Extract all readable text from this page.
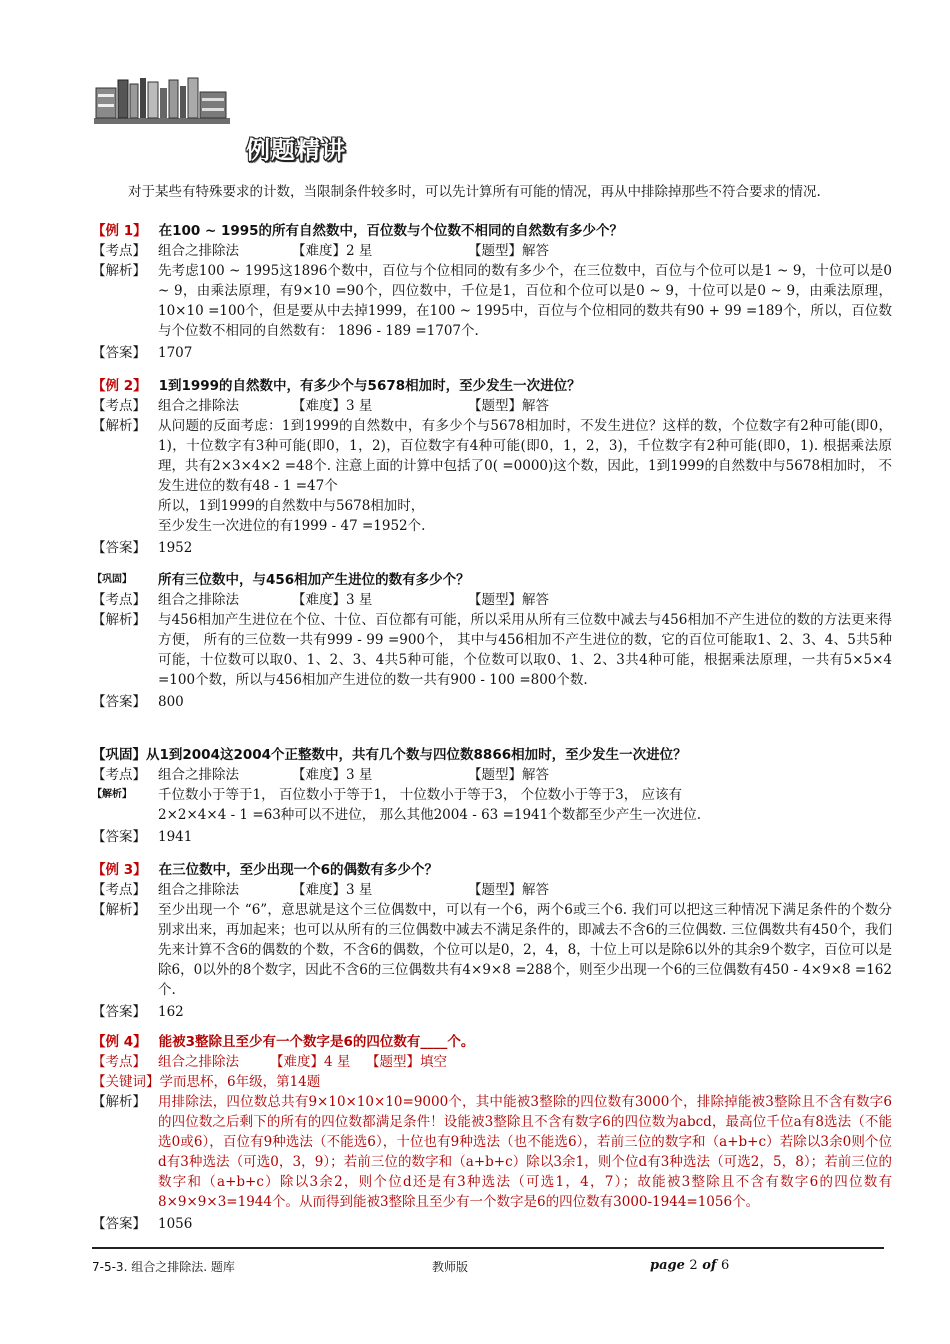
例题精讲
对于某些有特殊要求的计数，当限制条件较多时，可以先计算所有可能的情况，再从中排除掉那些不符合要求的情况.
【例 1】 在100 ~ 1995的所有自然数中，百位数与个位数不相同的自然数有多少个？
【考点】 组合之排除法	【难度】 2 星	【题型】 解答
【解析】 先考虑100 ~ 1995这1896个数中，百位与个位相同的数有多少个，在三位数中，百位与个位可以是1 ~ 9，十位可以是0 ~ 9，由乘法原理，有9×10 =90个，四位数中，千位是1，百位和个位可以是0 ~ 9，十位可以是0 ~ 9，由乘法原理，10×10 =100个，但是要从中去掉1999，在100 ~ 1995中，百位与个位相同的数共有90 + 99 =189个，所以，百位数与个位数不相同的自然数有： 1896 - 189 =1707个.
【答案】 1707
【例 2】 1到1999的自然数中，有多少个与5678相加时，至少发生一次进位？
【考点】 组合之排除法	【难度】 3 星	【题型】 解答
【解析】 从问题的反面考虑：1到1999的自然数中，有多少个与5678相加时，不发生进位？这样的数，个位数字有2种可能(即0，1)，十位数字有3种可能(即0，1，2)，百位数字有4种可能(即0，1，2，3)，千位数字有2种可能(即0，1). 根据乘法原理，共有2×3×4×2 =48个. 注意上面的计算中包括了0( =0000)这个数，因此，1到1999的自然数中与5678相加时， 不发生进位的数有48 - 1 =47个
所以，1到1999的自然数中与5678相加时，
至少发生一次进位的有1999 - 47 =1952个.
【答案】 1952
【巩固】	所有三位数中，与456相加产生进位的数有多少个？
【考点】 组合之排除法	【难度】 3 星	【题型】 解答
【解析】 与456相加产生进位在个位、十位、百位都有可能，所以采用从所有三位数中减去与456相加不产生进位的数的方法更来得方便， 所有的三位数一共有999 - 99 =900个， 其中与456相加不产生进位的数，它的百位可能取1、2、3、4、5共5种可能，十位数可以取0、1、2、3、4共5种可能，个位数可以取0、1、2、3共4种可能，根据乘法原理，一共有5×5×4 =100个数，所以与456相加产生进位的数一共有900 - 100 =800个数.
【答案】 800
【巩固】 从1到2004这2004个正整数中，共有几个数与四位数8866相加时，至少发生一次进位？
【考点】 组合之排除法	【难度】 3 星	【题型】 解答
【解析】	千位数小于等于1， 百位数小于等于1， 十位数小于等于3， 个位数小于等于3， 应该有
2×2×4×4 - 1 =63种可以不进位， 那么其他2004 - 63 =1941个数都至少产生一次进位.
【答案】 1941
【例 3】 在三位数中，至少出现一个6的偶数有多少个？
【考点】 组合之排除法	【难度】 3 星	【题型】 解答
【解析】 至少出现一个 “6”，意思就是这个三位偶数中，可以有一个6，两个6或三个6. 我们可以把这三种情况下满足条件的个数分别求出来，再加起来；也可以从所有的三位偶数中减去不满足条件的，即减去不含6的三位偶数. 三位偶数共有450个，我们先来计算不含6的偶数的个数，不含6的偶数，个位可以是0，2，4，8，十位上可以是除6以外的其余9个数字，百位可以是除6，0以外的8个数字，因此不含6的三位偶数共有4×9×8 =288个，则至少出现一个6的三位偶数有450 - 4×9×8 =162个.
【答案】 162
【例 4】 能被3整除且至少有一个数字是6的四位数有____个。
【考点】 组合之排除法	【难度】 4 星	【题型】 填空
【关键词】 学而思杯，6年级，第14题
【解析】 用排除法，四位数总共有9×10×10×10=9000个，其中能被3整除的四位数有3000个，排除掉能被3整除且不含有数字6的四位数之后剩下的所有的四位数都满足条件！设能被3整除且不含有数字6的四位数为abcd，最高位千位a有8选法（不能选0或6），百位有9种选法（不能选6），十位也有9种选法（也不能选6），若前三位的数字和（a+b+c）若除以3余0则个位d有3种选法（可选0，3，9）；若前三位的数字和（a+b+c）除以3余1，则个位d有3种选法（可选2，5，8）；若前三位的数字和（a+b+c）除以3余2，则个位d还是有3种选法（可选1，4，7）；故能被3整除且不含有数字6的四位数有8×9×9×3=1944个。从而得到能被3整除且至少有一个数字是6的四位数有3000-1944=1056个。
【答案】 1056
7-5-3. 组合之排除法. 题库	教师版	page 2 of 6
